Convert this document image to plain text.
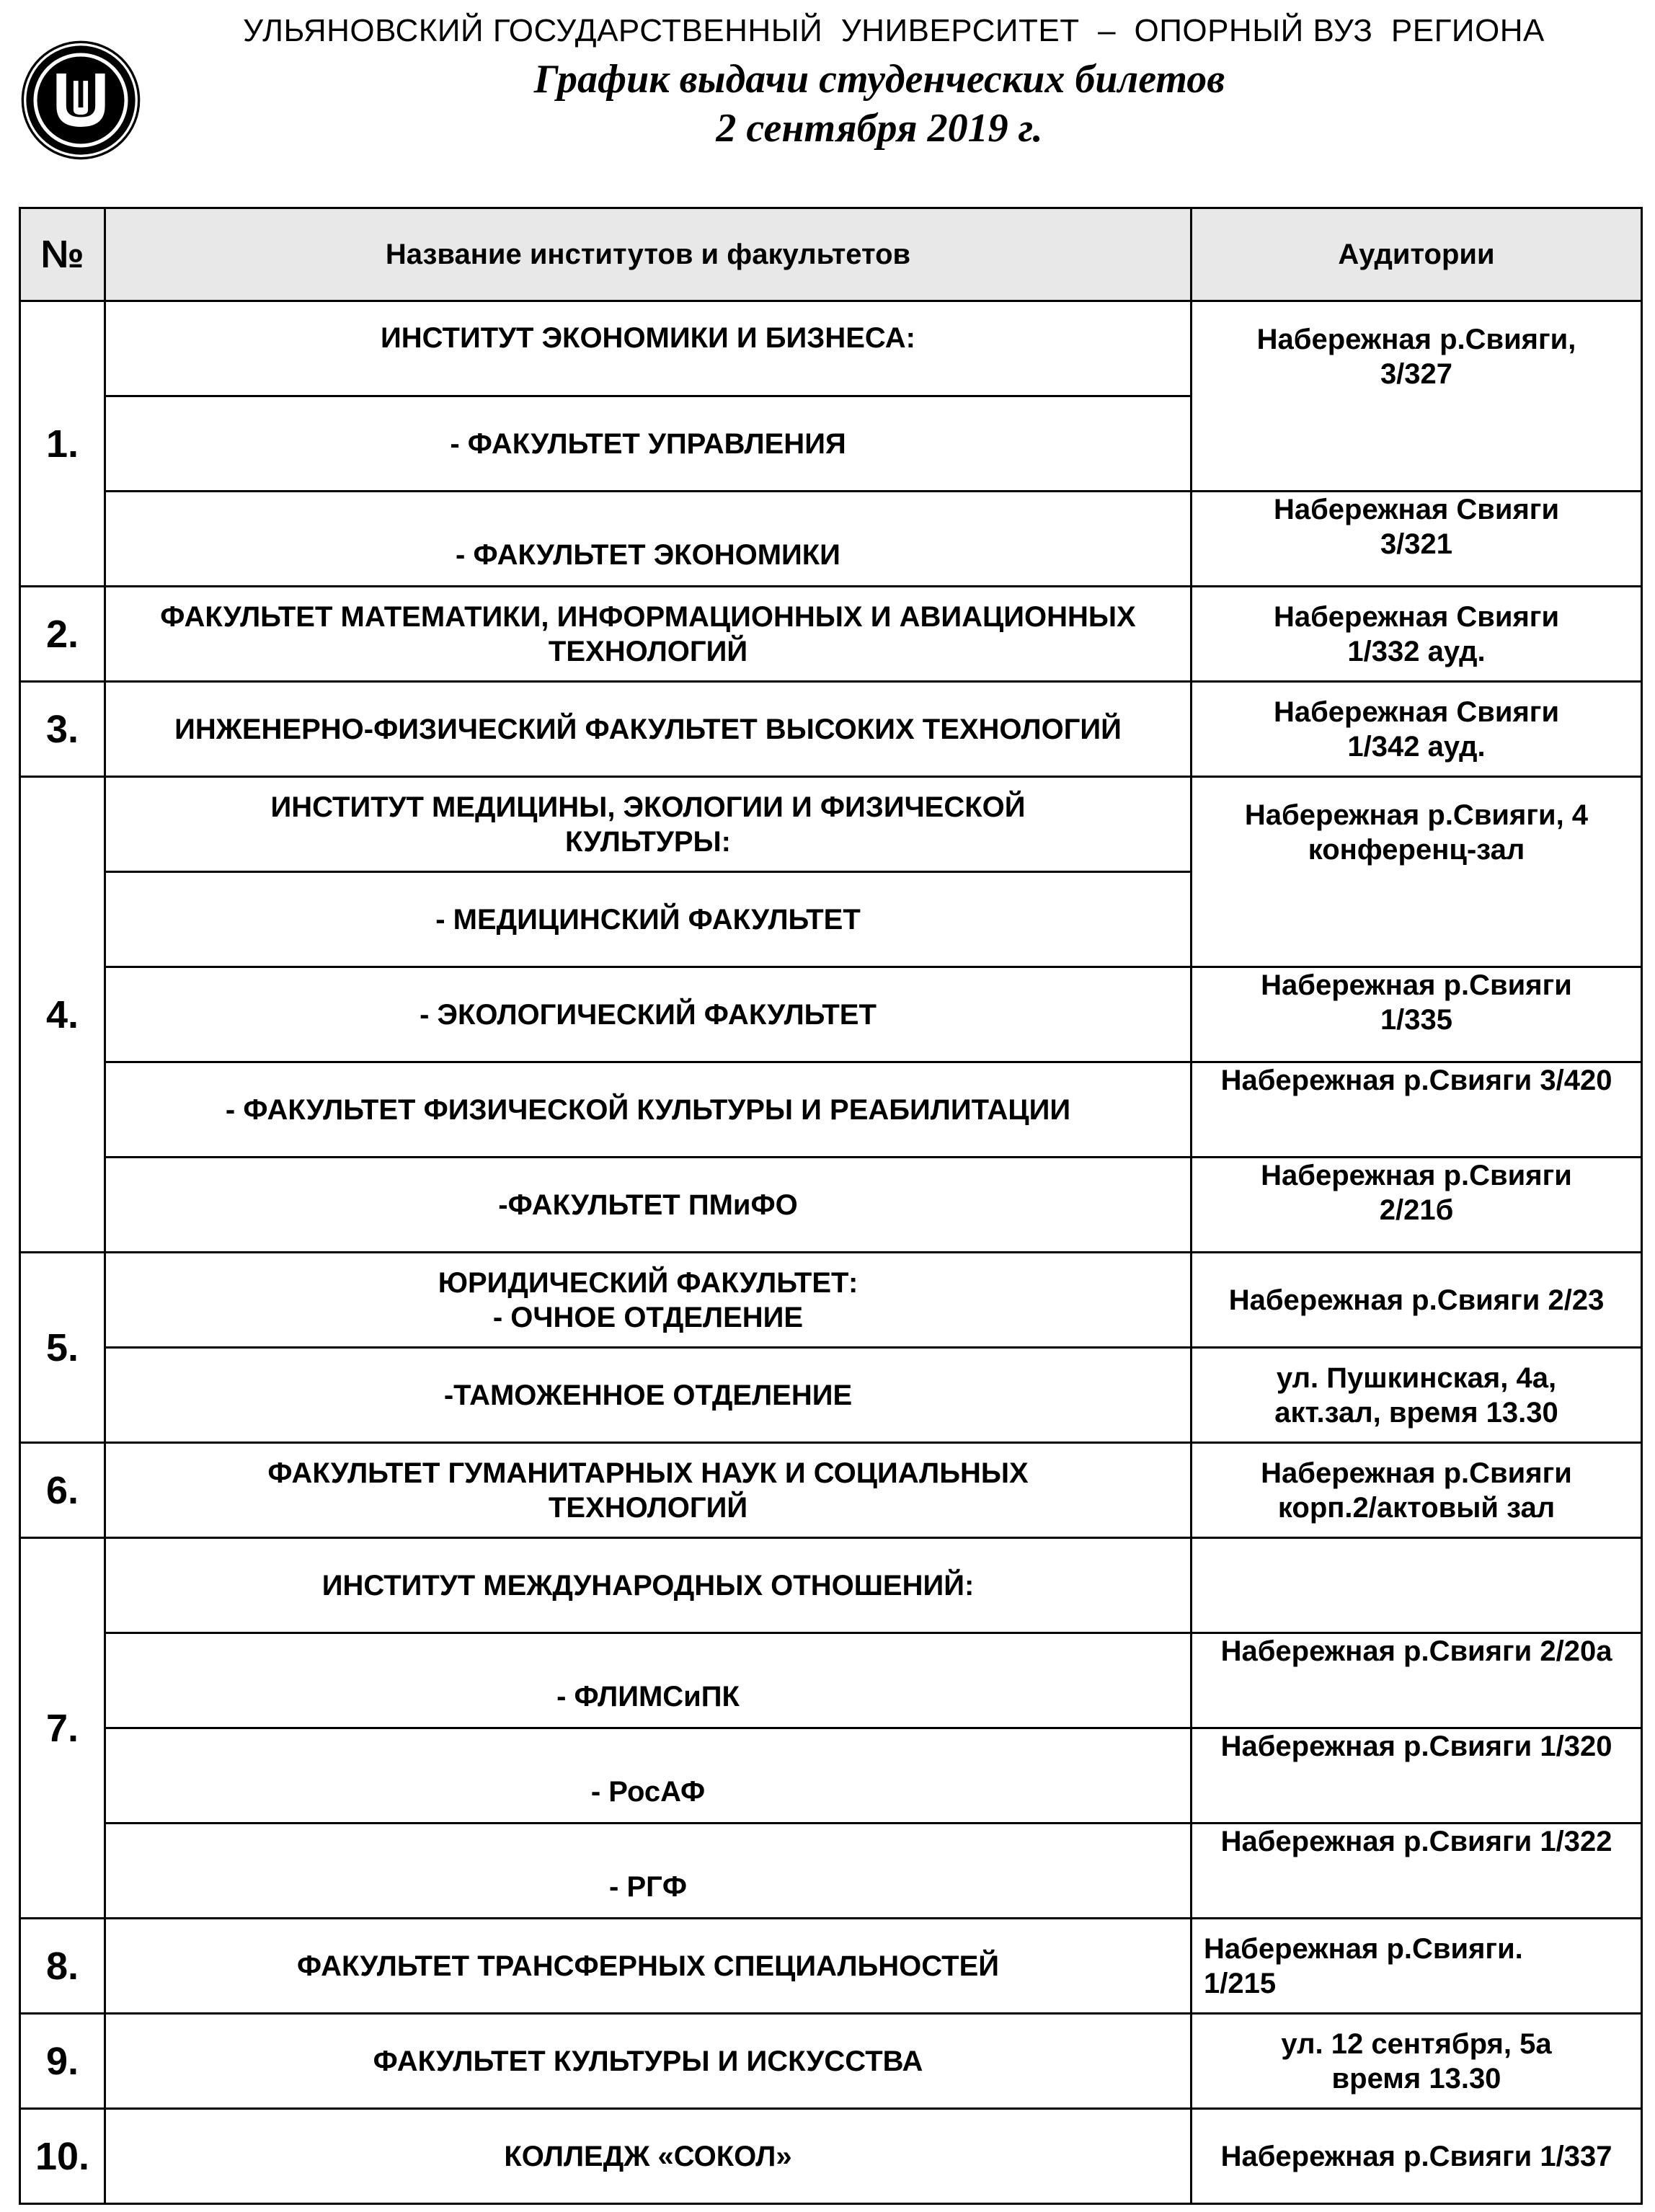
УЛЬЯНОВСКИЙ ГОСУДАРСТВЕННЫЙ  УНИВЕРСИТЕТ  –  ОПОРНЫЙ ВУЗ  РЕГИОНА
График выдачи студенческих билетов
2 сентября 2019 г.
№	Название институтов и факультетов	Аудитории
1.	ИНСТИТУТ ЭКОНОМИКИ И БИЗНЕСА:	Набережная р.Свияги,
3/327

	- ФАКУЛЬТЕТ УПРАВЛЕНИЯ	
	- ФАКУЛЬТЕТ ЭКОНОМИКИ	Набережная Свияги
3/321

2.	ФАКУЛЬТЕТ МАТЕМАТИКИ, ИНФОРМАЦИОННЫХ И АВИАЦИОННЫХ
ТЕХНОЛОГИЙ	Набережная Свияги
1/332 ауд.

3.	ИНЖЕНЕРНО-ФИЗИЧЕСКИЙ ФАКУЛЬТЕТ ВЫСОКИХ ТЕХНОЛОГИЙ	Набережная Свияги
1/342 ауд.

4.	ИНСТИТУТ МЕДИЦИНЫ, ЭКОЛОГИИ И ФИЗИЧЕСКОЙ
КУЛЬТУРЫ:	Набережная р.Свияги, 4
конференц-зал

	- МЕДИЦИНСКИЙ ФАКУЛЬТЕТ	
	- ЭКОЛОГИЧЕСКИЙ ФАКУЛЬТЕТ	Набережная р.Свияги
1/335

	- ФАКУЛЬТЕТ ФИЗИЧЕСКОЙ КУЛЬТУРЫ И РЕАБИЛИТАЦИИ	Набережная р.Свияги 3/420
	-ФАКУЛЬТЕТ ПМиФО	Набережная р.Свияги
2/21б

5.	ЮРИДИЧЕСКИЙ ФАКУЛЬТЕТ:
- ОЧНОЕ ОТДЕЛЕНИЕ	Набережная р.Свияги 2/23
	-ТАМОЖЕННОЕ ОТДЕЛЕНИЕ	ул. Пушкинская, 4а,
акт.зал, время 13.30

6.	ФАКУЛЬТЕТ ГУМАНИТАРНЫХ НАУК И СОЦИАЛЬНЫХ
ТЕХНОЛОГИЙ	Набережная р.Свияги
корп.2/актовый зал

7.	ИНСТИТУТ МЕЖДУНАРОДНЫХ ОТНОШЕНИЙ:	
	- ФЛИМСиПК	Набережная р.Свияги 2/20а
	- РосАФ	Набережная р.Свияги 1/320
	- РГФ	Набережная р.Свияги 1/322
8.	ФАКУЛЬТЕТ ТРАНСФЕРНЫХ СПЕЦИАЛЬНОСТЕЙ	Набережная р.Свияги.
1/215

9.	ФАКУЛЬТЕТ КУЛЬТУРЫ И ИСКУССТВА	ул. 12 сентября, 5а
время 13.30

10.	КОЛЛЕДЖ «СОКОЛ»	Набережная р.Свияги 1/337
